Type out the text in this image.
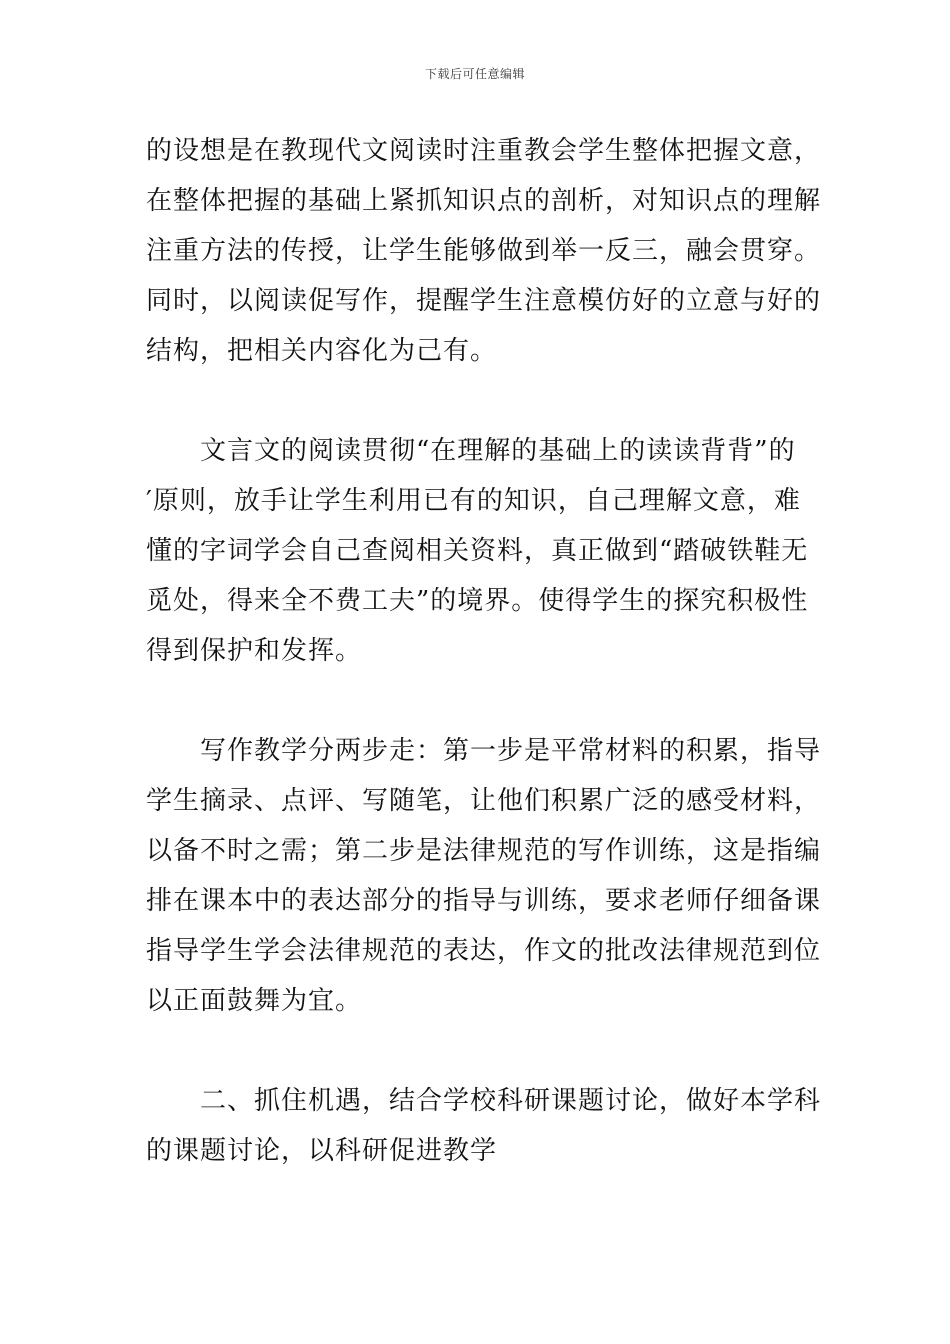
下载后可任意编辑
的设想是在教现代文阅读时注重教会学生整体把握文意，
在整体把握的基础上紧抓知识点的剖析，对知识点的理解
注重方法的传授，让学生能够做到举一反三，融会贯穿。
同时，以阅读促写作，提醒学生注意模仿好的立意与好的
结构，把相关内容化为己有。
　　文言文的阅读贯彻“在理解的基础上的读读背背”的
′原则，放手让学生利用已有的知识，自己理解文意，难
懂的字词学会自己查阅相关资料，真正做到“踏破铁鞋无
觅处，得来全不费工夫”的境界。使得学生的探究积极性
得到保护和发挥。
　　写作教学分两步走：第一步是平常材料的积累，指导
学生摘录、点评、写随笔，让他们积累广泛的感受材料，
以备不时之需；第二步是法律规范的写作训练，这是指编
排在课本中的表达部分的指导与训练，要求老师仔细备课
指导学生学会法律规范的表达，作文的批改法律规范到位
以正面鼓舞为宜。
　　二、抓住机遇，结合学校科研课题讨论，做好本学科
的课题讨论，以科研促进教学
